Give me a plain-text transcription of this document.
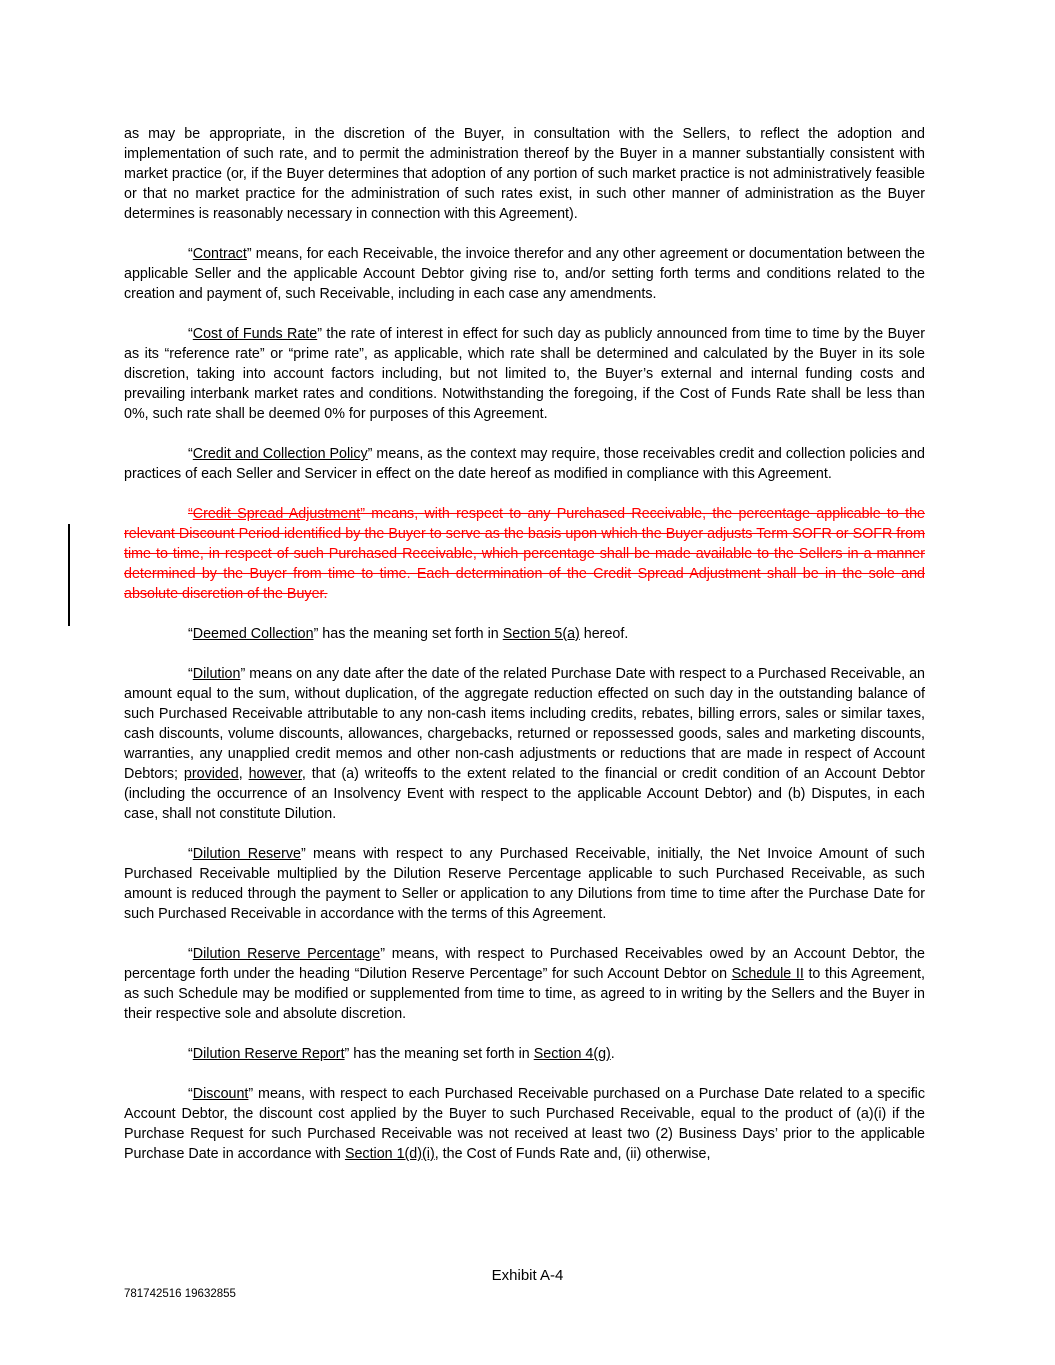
as may be appropriate, in the discretion of the Buyer, in consultation with the Sellers, to reflect the adoption and implementation of such rate, and to permit the administration thereof by the Buyer in a manner substantially consistent with market practice (or, if the Buyer determines that adoption of any portion of such market practice is not administratively feasible or that no market practice for the administration of such rates exist, in such other manner of administration as the Buyer determines is reasonably necessary in connection with this Agreement).

“Contract” means, for each Receivable, the invoice therefor and any other agreement or documentation between the applicable Seller and the applicable Account Debtor giving rise to, and/or setting forth terms and conditions related to the creation and payment of, such Receivable, including in each case any amendments.

“Cost of Funds Rate” the rate of interest in effect for such day as publicly announced from time to time by the Buyer as its “reference rate” or “prime rate”, as applicable, which rate shall be determined and calculated by the Buyer in its sole discretion, taking into account factors including, but not limited to, the Buyer’s external and internal funding costs and prevailing interbank market rates and conditions. Notwithstanding the foregoing, if the Cost of Funds Rate shall be less than 0%, such rate shall be deemed 0% for purposes of this Agreement.

“Credit and Collection Policy” means, as the context may require, those receivables credit and collection policies and practices of each Seller and Servicer in effect on the date hereof as modified in compliance with this Agreement.

“Credit Spread Adjustment” means, with respect to any Purchased Receivable, the percentage applicable to the relevant Discount Period identified by the Buyer to serve as the basis upon which the Buyer adjusts Term SOFR or SOFR from time to time, in respect of such Purchased Receivable, which percentage shall be made available to the Sellers in a manner determined by the Buyer from time to time. Each determination of the Credit Spread Adjustment shall be in the sole and absolute discretion of the Buyer.

“Deemed Collection” has the meaning set forth in Section 5(a) hereof.

“Dilution” means on any date after the date of the related Purchase Date with respect to a Purchased Receivable, an amount equal to the sum, without duplication, of the aggregate reduction effected on such day in the outstanding balance of such Purchased Receivable attributable to any non-cash items including credits, rebates, billing errors, sales or similar taxes, cash discounts, volume discounts, allowances, chargebacks, returned or repossessed goods, sales and marketing discounts, warranties, any unapplied credit memos and other non-cash adjustments or reductions that are made in respect of Account Debtors; provided, however, that (a) writeoffs to the extent related to the financial or credit condition of an Account Debtor (including the occurrence of an Insolvency Event with respect to the applicable Account Debtor) and (b) Disputes, in each case, shall not constitute Dilution.

“Dilution Reserve” means with respect to any Purchased Receivable, initially, the Net Invoice Amount of such Purchased Receivable multiplied by the Dilution Reserve Percentage applicable to such Purchased Receivable, as such amount is reduced through the payment to Seller or application to any Dilutions from time to time after the Purchase Date for such Purchased Receivable in accordance with the terms of this Agreement.

“Dilution Reserve Percentage” means, with respect to Purchased Receivables owed by an Account Debtor, the percentage forth under the heading “Dilution Reserve Percentage” for such Account Debtor on Schedule II to this Agreement, as such Schedule may be modified or supplemented from time to time, as agreed to in writing by the Sellers and the Buyer in their respective sole and absolute discretion.

“Dilution Reserve Report” has the meaning set forth in Section 4(g).

“Discount” means, with respect to each Purchased Receivable purchased on a Purchase Date related to a specific Account Debtor, the discount cost applied by the Buyer to such Purchased Receivable, equal to the product of (a)(i) if the Purchase Request for such Purchased Receivable was not received at least two (2) Business Days’ prior to the applicable Purchase Date in accordance with Section 1(d)(i), the Cost of Funds Rate and, (ii) otherwise,

Exhibit A-4
781742516 19632855
